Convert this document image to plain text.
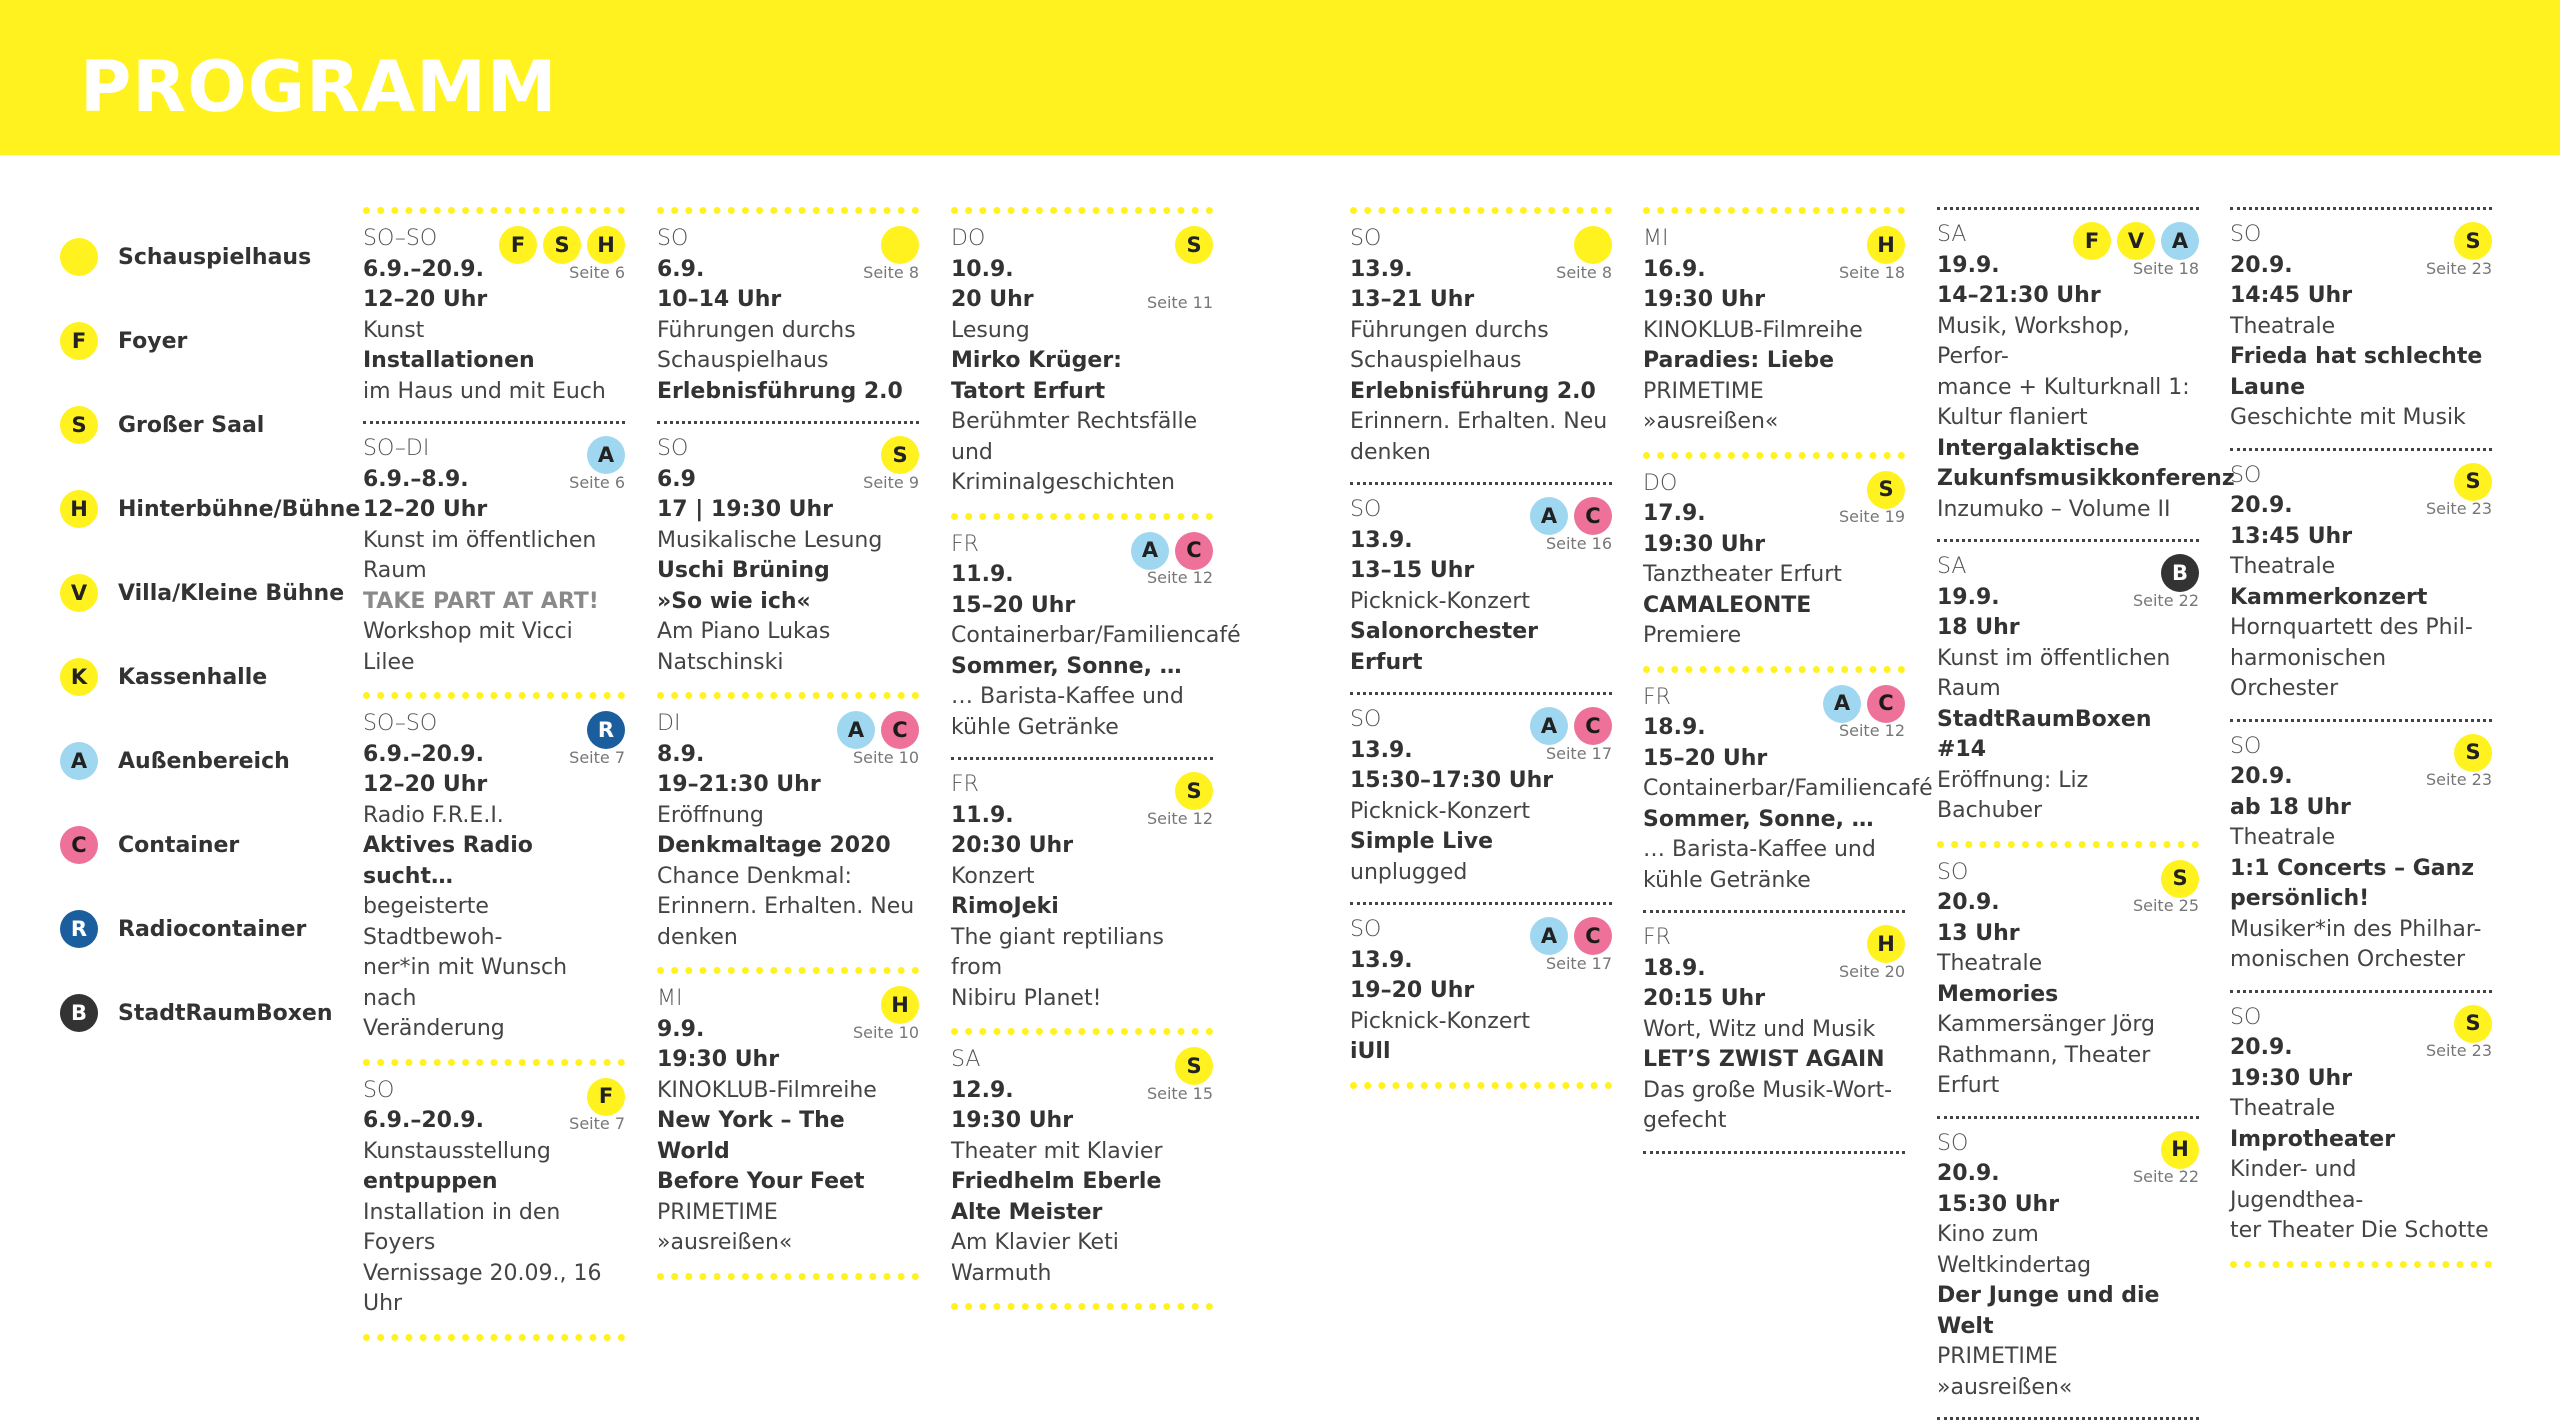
PROGRAMM
Schauspielhaus
F	Foyer
S	Großer Saal
H	Hinterbühne/Bühne
V	Villa/Kleine Bühne
K	Kassenhalle
A	Außenbereich
C	Container
R	Radiocontainer
B	StadtRaumBoxen
SO–SO
6.9.–20.9.
12–20 Uhr
Kunst
Installationen
im Haus und mit Euch
F	S	H
Seite 6
SO–DI
6.9.–8.9.
12–20 Uhr
Kunst im öffentlichen
Raum
TAKE PART AT ART!
Workshop mit Vicci Lilee
A
Seite 6
SO–SO
6.9.–20.9.
12–20 Uhr
Radio F.R.E.I.
Aktives Radio sucht…
begeisterte Stadtbewoh-
ner*in mit Wunsch nach
Veränderung
R
Seite 7
SO
6.9.–20.9.
Kunstausstellung
entpuppen
Installation in den Foyers
Vernissage 20.09., 16 Uhr
F
Seite 7
SO
6.9.
10–14 Uhr
Führungen durchs
Schauspielhaus
Erlebnisführung 2.0
Seite 8
SO
6.9
17 | 19:30 Uhr
Musikalische Lesung
Uschi Brüning
»So wie ich«
Am Piano Lukas
Natschinski
S
Seite 9
DI
8.9.
19–21:30 Uhr
Eröffnung
Denkmaltage 2020
Chance Denkmal:
Erinnern. Erhalten. Neu
denken
A	C
Seite 10
MI
9.9.
19:30 Uhr
KINOKLUB-Filmreihe
New York – The World
Before Your Feet
PRIMETIME »ausreißen«
H
Seite 10
DO
10.9.
20 Uhr
Lesung
Mirko Krüger:
Tatort Erfurt
Berühmter Rechtsfälle
und Kriminalgeschichten
S
Seite 11
FR
11.9.
15–20 Uhr
Containerbar/Familiencafé
Sommer, Sonne, …
… Barista-Kaffee und
kühle Getränke
A	C
Seite 12
FR
11.9.
20:30 Uhr
Konzert
RimoJeki
The giant reptilians from
Nibiru Planet!
S
Seite 12
SA
12.9.
19:30 Uhr
Theater mit Klavier
Friedhelm Eberle
Alte Meister
Am Klavier Keti Warmuth
S
Seite 15
SO
13.9.
13–21 Uhr
Führungen durchs
Schauspielhaus
Erlebnisführung 2.0
Erinnern. Erhalten. Neu
denken
Seite 8
SO
13.9.
13–15 Uhr
Picknick-Konzert
Salonorchester Erfurt
A	C
Seite 16
SO
13.9.
15:30–17:30 Uhr
Picknick-Konzert
Simple Live
unplugged
A	C
Seite 17
SO
13.9.
19–20 Uhr
Picknick-Konzert
iUll
A	C
Seite 17
MI
16.9.
19:30 Uhr
KINOKLUB-Filmreihe
Paradies: Liebe
PRIMETIME »ausreißen«
H
Seite 18
DO
17.9.
19:30 Uhr
Tanztheater Erfurt
CAMALEONTE
Premiere
S
Seite 19
FR
18.9.
15–20 Uhr
Containerbar/Familiencafé
Sommer, Sonne, …
… Barista-Kaffee und
kühle Getränke
A	C
Seite 12
FR
18.9.
20:15 Uhr
Wort, Witz und Musik
LET’S ZWIST AGAIN
Das große Musik-Wort-
gefecht
H
Seite 20
SA
19.9.
14–21:30 Uhr
Musik, Workshop, Perfor-
mance + Kulturknall 1:
Kultur flaniert
Intergalaktische
Zukunfsmusikkonferenz
Inzumuko – Volume II
F	V	A
Seite 18
SA
19.9.
18 Uhr
Kunst im öffentlichen Raum
StadtRaumBoxen #14
Eröffnung: Liz Bachuber
B
Seite 22
SO
20.9.
13 Uhr
Theatrale
Memories
Kammersänger Jörg
Rathmann, Theater Erfurt
S
Seite 25
SO
20.9.
15:30 Uhr
Kino zum Weltkindertag
Der Junge und die Welt
PRIMETIME »ausreißen«
H
Seite 22
SO
20.9.
14:45 Uhr
Theatrale
Frieda hat schlechte
Laune
Geschichte mit Musik
S
Seite 23
SO
20.9.
13:45 Uhr
Theatrale
Kammerkonzert
Hornquartett des Phil-
harmonischen Orchester
S
Seite 23
SO
20.9.
ab 18 Uhr
Theatrale
1:1 Concerts – Ganz
persönlich!
Musiker*in des Philhar-
monischen Orchester
S
Seite 23
SO
20.9.
19:30 Uhr
Theatrale
Improtheater
Kinder- und Jugendthea-
ter Theater Die Schotte
S
Seite 23
